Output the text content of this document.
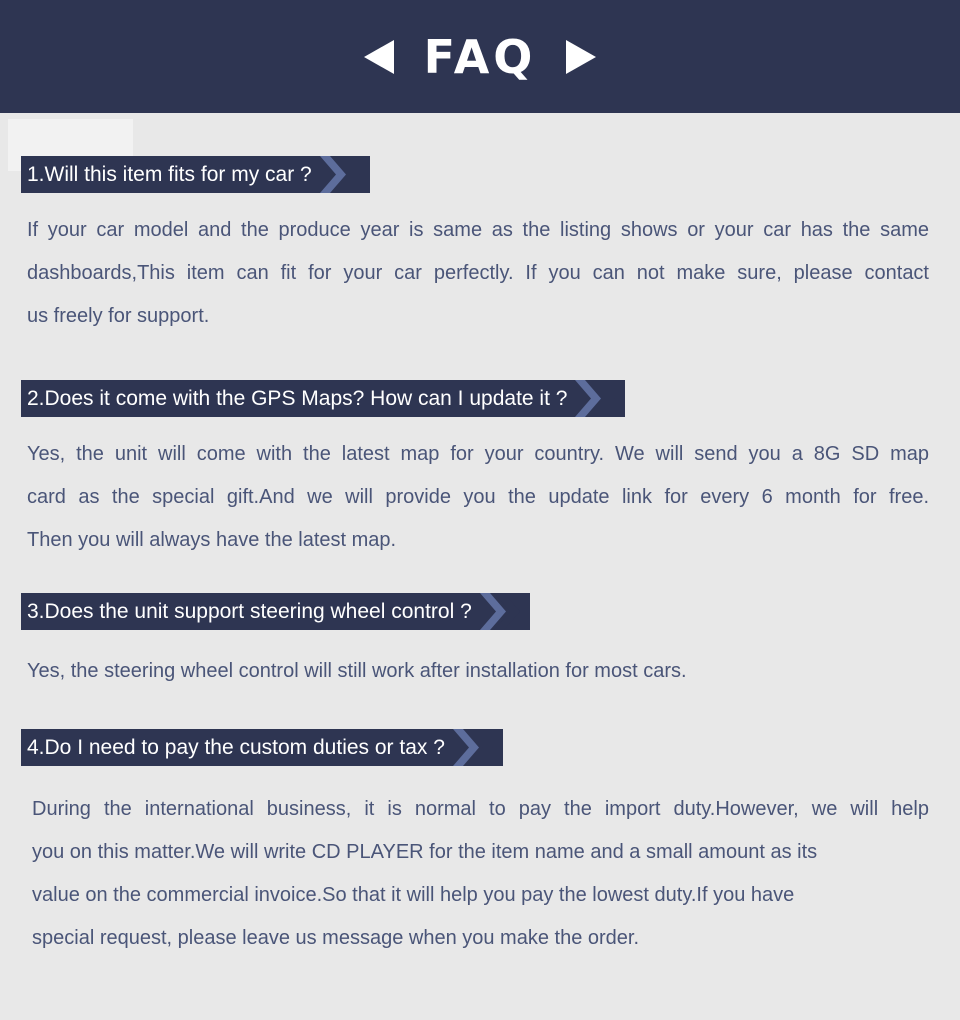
FAQ
1.Will this item fits for my car ?
If your car model and the produce year is same as the listing shows or your car has the same
dashboards,This item can fit for your car perfectly. If you can not make sure, please contact
us freely for support.
2.Does it come with the GPS Maps? How can I update it ?
Yes, the unit will come with the latest map for your country. We will send you a 8G SD map
card as the special gift.And we will provide you the update link for every 6 month for free.
Then you will always have the latest map.
3.Does the unit support steering wheel control ?
Yes, the steering wheel control will still work after installation for most cars.
4.Do I need to pay the custom duties or tax ?
During the international business, it is normal to pay the import duty.However, we will help
you on this matter.We will write CD PLAYER for the item name and a small amount as its
value on the commercial invoice.So that it will help you pay the lowest duty.If you have
special request, please leave us message when you make the order.
